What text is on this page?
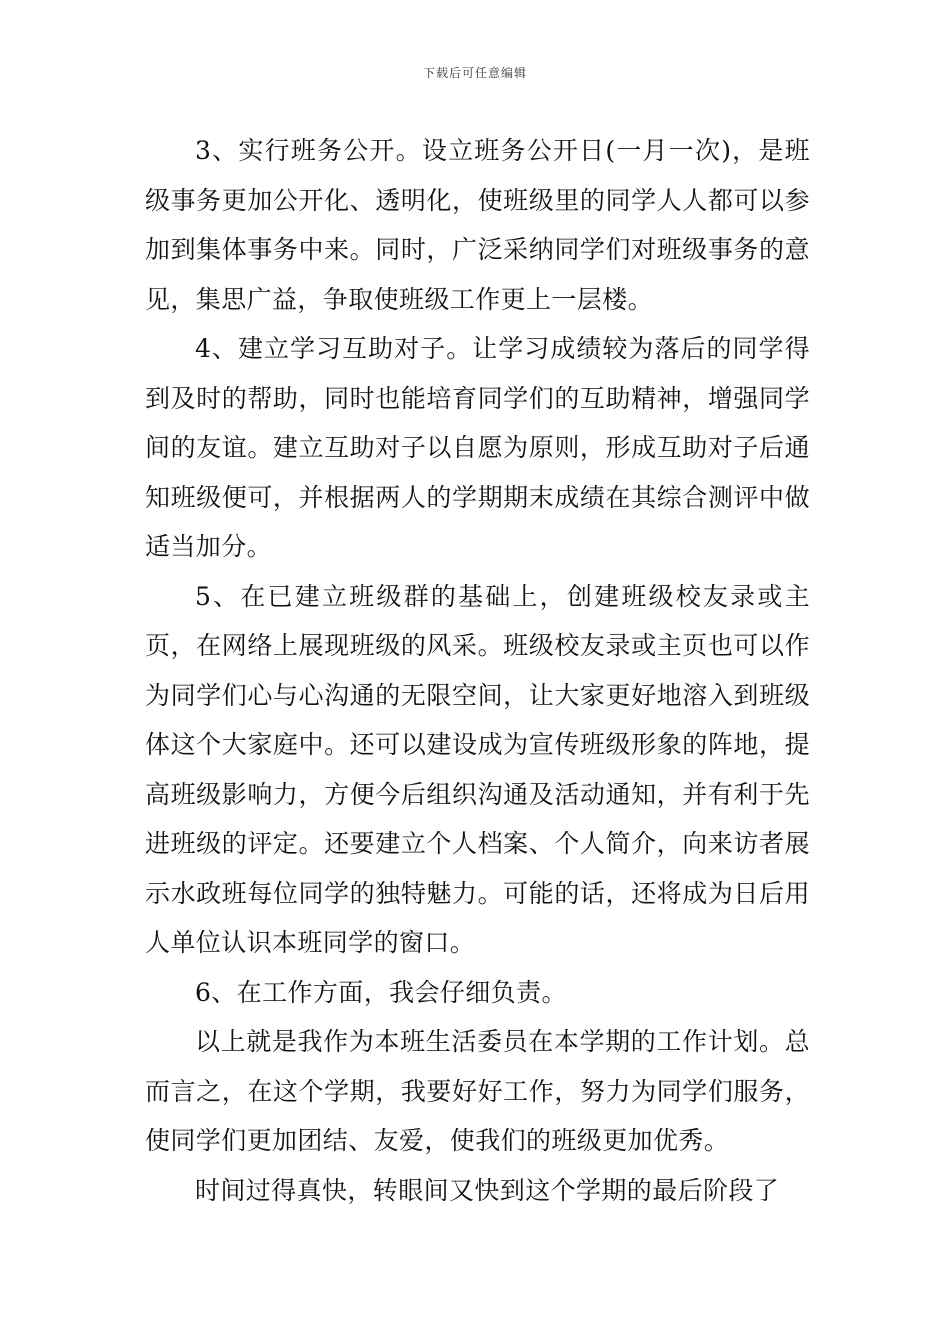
下载后可任意编辑

3、实行班务公开。设立班务公开日(一月一次)，是班级事务更加公开化、透明化，使班级里的同学人人都可以参加到集体事务中来。同时，广泛采纳同学们对班级事务的意见，集思广益，争取使班级工作更上一层楼。

4、建立学习互助对子。让学习成绩较为落后的同学得到及时的帮助，同时也能培育同学们的互助精神，增强同学间的友谊。建立互助对子以自愿为原则，形成互助对子后通知班级便可，并根据两人的学期期末成绩在其综合测评中做适当加分。

5、在已建立班级群的基础上，创建班级校友录或主页，在网络上展现班级的风采。班级校友录或主页也可以作为同学们心与心沟通的无限空间，让大家更好地溶入到班级体这个大家庭中。还可以建设成为宣传班级形象的阵地，提高班级影响力，方便今后组织沟通及活动通知，并有利于先进班级的评定。还要建立个人档案、个人简介，向来访者展示水政班每位同学的独特魅力。可能的话，还将成为日后用人单位认识本班同学的窗口。

6、在工作方面，我会仔细负责。

以上就是我作为本班生活委员在本学期的工作计划。总而言之，在这个学期，我要好好工作，努力为同学们服务，使同学们更加团结、友爱，使我们的班级更加优秀。

时间过得真快，转眼间又快到这个学期的最后阶段了
